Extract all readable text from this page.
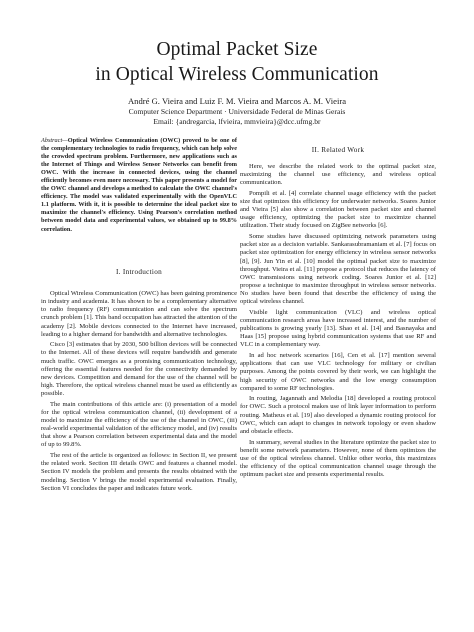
Optimal Packet Size
in Optical Wireless Communication
André G. Vieira and Luiz F. M. Vieira and Marcos A. M. Vieira
Computer Science Department · Universidade Federal de Minas Gerais
Email: {andregarcia, lfvieira, mmvieira}@dcc.ufmg.br
Abstract—Optical Wireless Communication (OWC) proved to be one of the complementary technologies to radio frequency, which can help solve the crowded spectrum problem. Furthermore, new applications such as the Internet of Things and Wireless Sensor Networks can benefit from OWC. With the increase in connected devices, using the channel efficiently becomes even more necessary. This paper presents a model for the OWC channel and develops a method to calculate the OWC channel's efficiency. The model was validated experimentally with the OpenVLC 1.1 platform. With it, it is possible to determine the ideal packet size to maximize the channel's efficiency. Using Pearson's correlation method between model data and experimental values, we obtained up to 99.8% correlation.
I. Introduction

Optical Wireless Communication (OWC) has been gaining prominence in industry and academia. It has shown to be a complementary alternative to radio frequency (RF) communication and can solve the spectrum crunch problem [1]. This band occupation has attracted the attention of the academy [2]. Mobile devices connected to the Internet have increased, leading to a higher demand for bandwidth and alternative technologies.

Cisco [3] estimates that by 2030, 500 billion devices will be connected to the Internet. All of these devices will require bandwidth and generate much traffic. OWC emerges as a promising communication technology, offering the essential features needed for the connectivity demanded by new devices. Competition and demand for the use of the channel will be high. Therefore, the optical wireless channel must be used as efficiently as possible.

The main contributions of this article are: (i) presentation of a model for the optical wireless communication channel, (ii) development of a model to maximize the efficiency of the use of the channel in OWC, (iii) real-world experimental validation of the efficiency model, and (iv) results that show a Pearson correlation between experimental data and the model of up to 99.8%.

The rest of the article is organized as follows: in Section II, we present the related work. Section III details OWC and features a channel model. Section IV models the problem and presents the results obtained with the modeling. Section V brings the model experimental evaluation. Finally, Section VI concludes the paper and indicates future work.

II. Related Work

Here, we describe the related work to the optimal packet size, maximizing the channel use efficiency, and wireless optical communication.

Pompili et al. [4] correlate channel usage efficiency with the packet size that optimizes this efficiency for underwater networks. Soares Junior and Vieira [5] also show a correlation between packet size and channel usage efficiency, optimizing the packet size to maximize channel utilization. Their study focused on ZigBee networks [6].

Some studies have discussed optimizing network parameters using packet size as a decision variable. Sankarasubramaniam et al. [7] focus on packet size optimization for energy efficiency in wireless sensor networks [8], [9]. Jun Yin et al. [10] model the optimal packet size to maximize throughput. Vieira et al. [11] propose a protocol that reduces the latency of OWC transmissions using network coding. Soares Junior et al. [12] propose a technique to maximize throughput in wireless sensor networks. No studies have been found that describe the efficiency of using the optical wireless channel.

Visible light communication (VLC) and wireless optical communication research areas have increased interest, and the number of publications is growing yearly [13]. Shao et al. [14] and Basnayaka and Haas [15] propose using hybrid communication systems that use RF and VLC in a complementary way.

In ad hoc network scenarios [16], Cen et al. [17] mention several applications that can use VLC technology for military or civilian purposes. Among the points covered by their work, we can highlight the high security of OWC networks and the low energy consumption compared to some RF technologies.

In routing, Jagannath and Melodia [18] developed a routing protocol for OWC. Such a protocol makes use of link layer information to perform routing. Matheus et al. [19] also developed a dynamic routing protocol for OWC, which can adapt to changes in network topology or even shadow and obstacle effects.

In summary, several studies in the literature optimize the packet size to benefit some network parameters. However, none of them optimizes the use of the optical wireless channel. Unlike other works, this maximizes the efficiency of the optical communication channel usage through the optimum packet size and presents experimental results.
